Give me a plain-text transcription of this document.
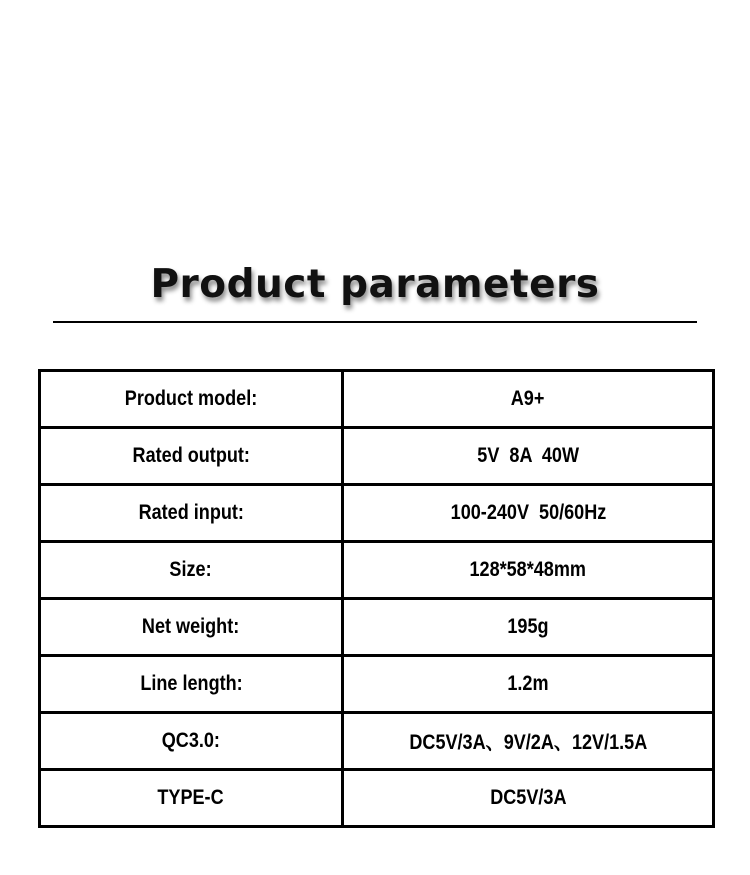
Product parameters
Product model:	A9+
Rated output:	5V  8A  40W
Rated input:	100-240V  50/60Hz
Size:	128*58*48mm
Net weight:	195g
Line length:	1.2m
QC3.0:	DC5V/3A、9V/2A、12V/1.5A
TYPE-C	DC5V/3A
